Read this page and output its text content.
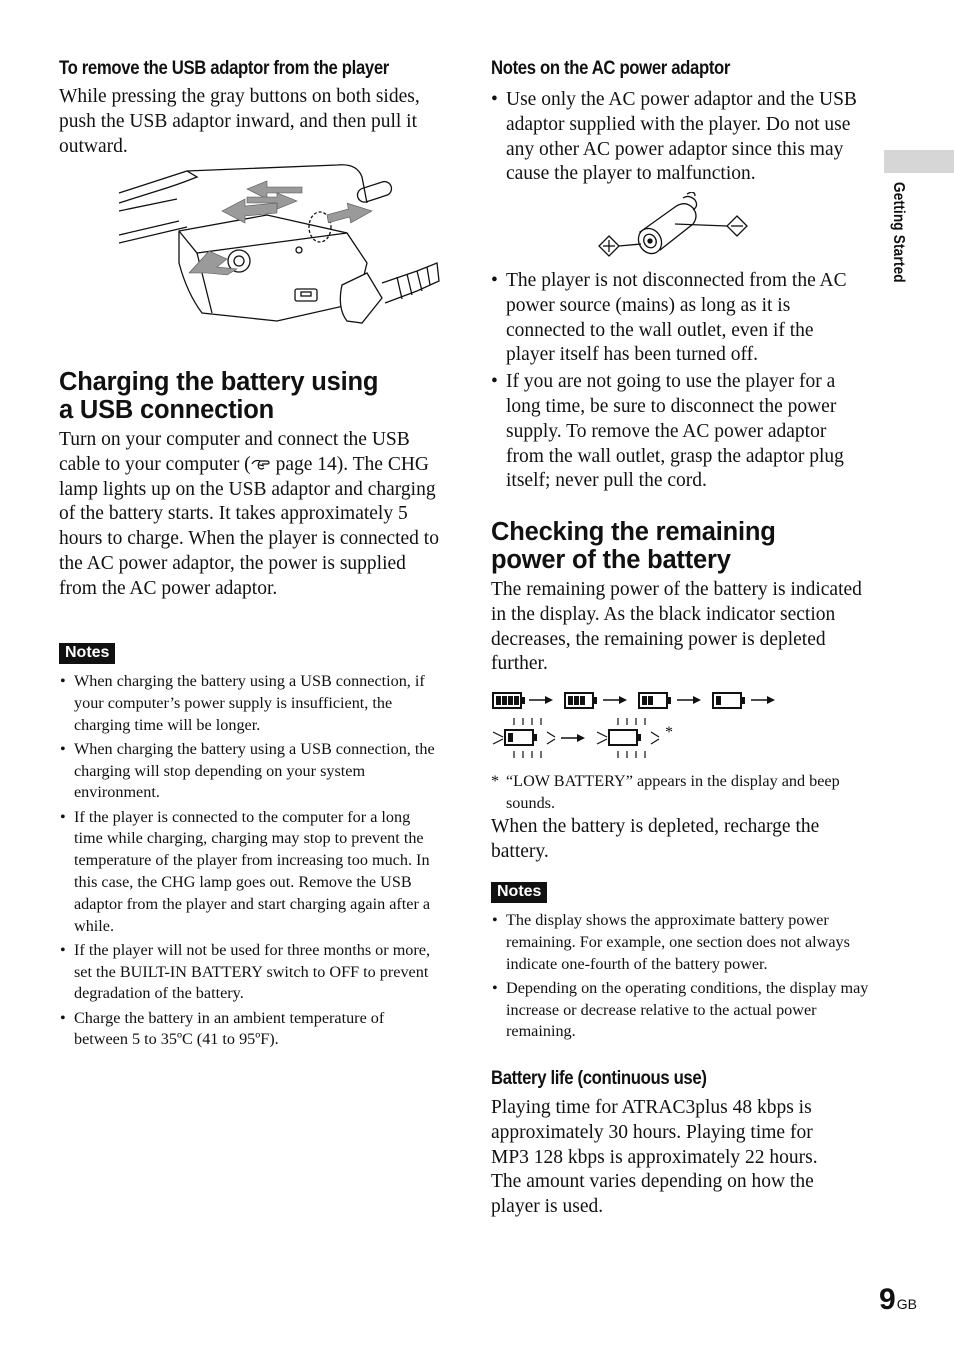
To remove the USB adaptor from the player

While pressing the gray buttons on both sides, push the USB adaptor inward, and then pull it outward.

Charging the battery using
a USB connection

Turn on your computer and connect the USB cable to your computer ( page 14). The CHG lamp lights up on the USB adaptor and charging of the battery starts. It takes approximately 5 hours to charge. When the player is connected to the AC power adaptor, the power is supplied from the AC power adaptor.

Notes
• When charging the battery using a USB connection, if your computer’s power supply is insufficient, the charging time will be longer.
• When charging the battery using a USB connection, the charging will stop depending on your system environment.
• If the player is connected to the computer for a long time while charging, charging may stop to prevent the temperature of the player from increasing too much. In this case, the CHG lamp goes out. Remove the USB adaptor from the player and start charging again after a while.
• If the player will not be used for three months or more, set the BUILT-IN BATTERY switch to OFF to prevent degradation of the battery.
• Charge the battery in an ambient temperature of between 5 to 35ºC (41 to 95ºF).
Notes on the AC power adaptor
• Use only the AC power adaptor and the USB adaptor supplied with the player. Do not use any other AC power adaptor since this may cause the player to malfunction.
• The player is not disconnected from the AC power source (mains) as long as it is connected to the wall outlet, even if the player itself has been turned off.
• If you are not going to use the player for a long time, be sure to disconnect the power supply. To remove the AC power adaptor from the wall outlet, grasp the adaptor plug itself; never pull the cord.
Checking the remaining
power of the battery

The remaining power of the battery is indicated in the display. As the black indicator section decreases, the remaining power is depleted further.

*

* “LOW BATTERY” appears in the display and beep sounds.

When the battery is depleted, recharge the battery.

Notes
• The display shows the approximate battery power remaining. For example, one section does not always indicate one-fourth of the battery power.
• Depending on the operating conditions, the display may increase or decrease relative to the actual power remaining.
Battery life (continuous use)

Playing time for ATRAC3plus 48 kbps is approximately 30 hours. Playing time for MP3 128 kbps is approximately 22 hours. The amount varies depending on how the player is used.

Getting Started
9 GB
